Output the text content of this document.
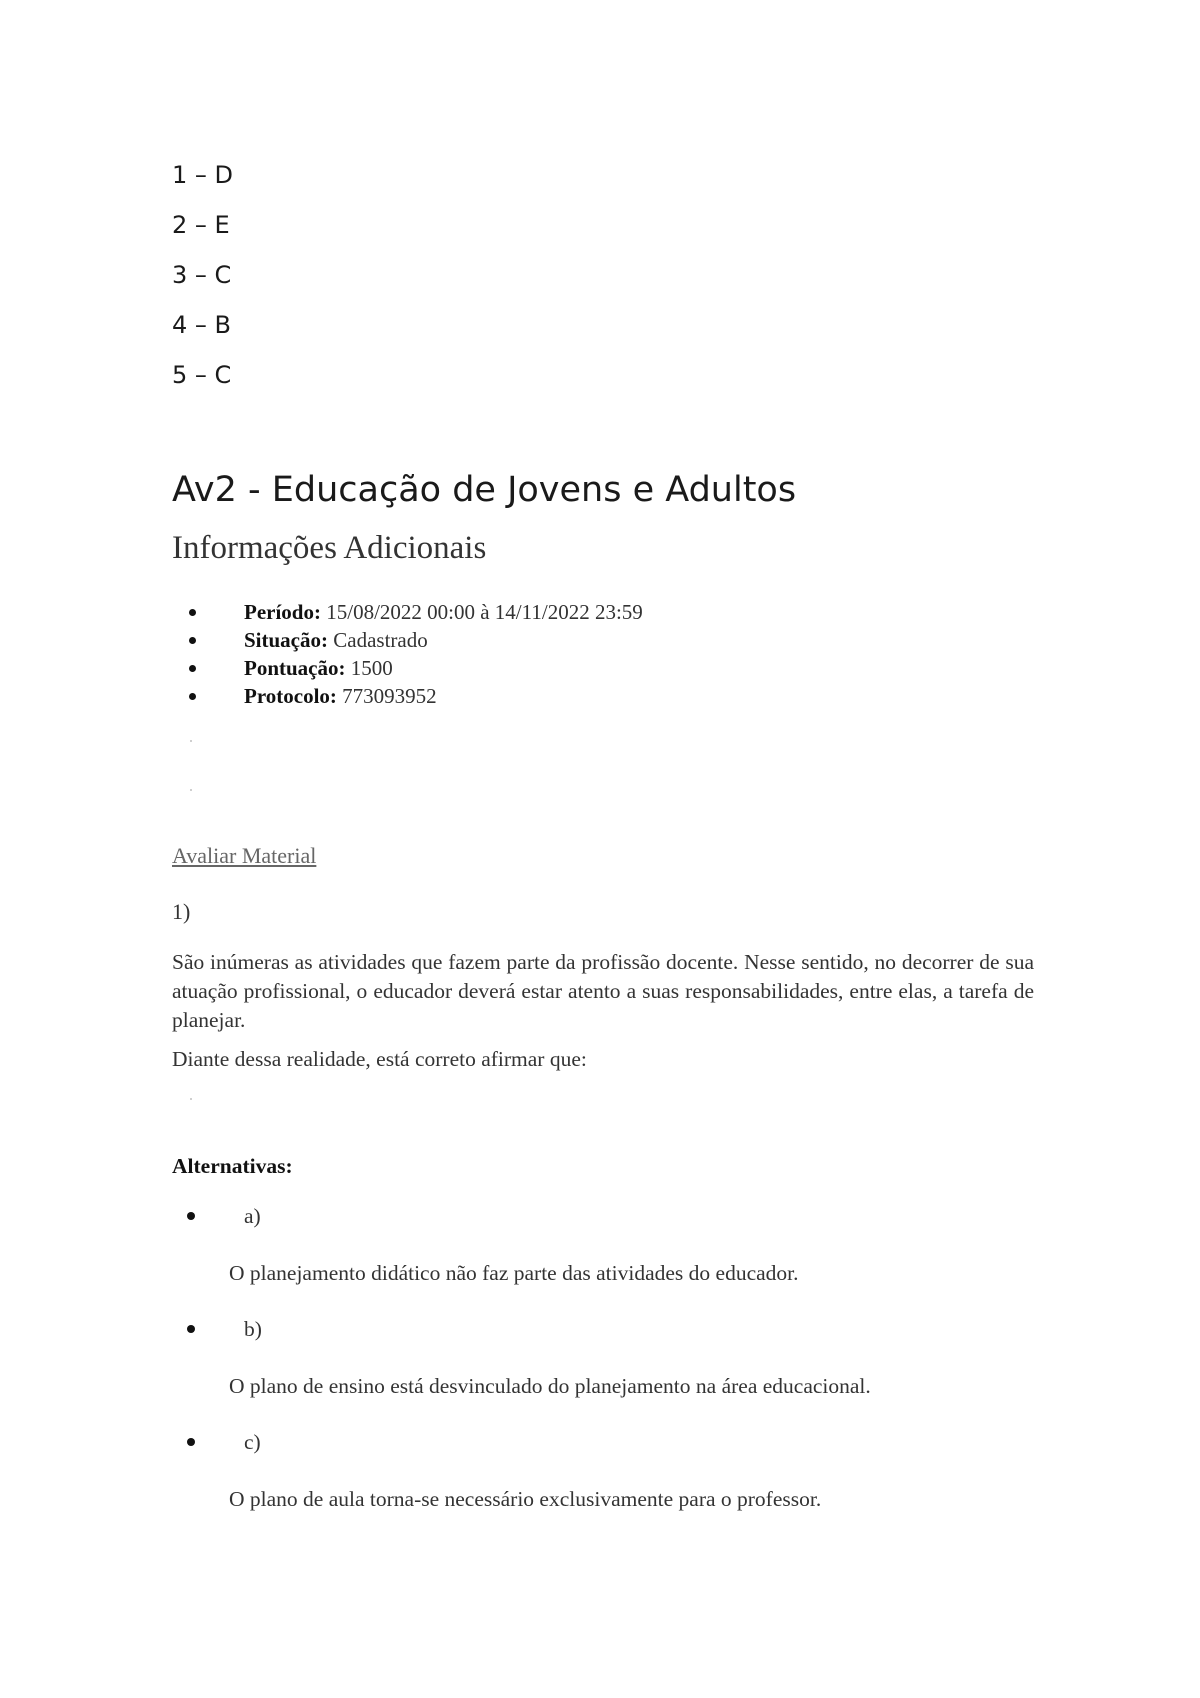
1 – D
2 – E
3 – C
4 – B
5 – C
Av2 - Educação de Jovens e Adultos
Informações Adicionais
Período: 15/08/2022 00:00 à 14/11/2022 23:59
Situação: Cadastrado
Pontuação: 1500
Protocolo: 773093952
Avaliar Material
1)

São inúmeras as atividades que fazem parte da profissão docente. Nesse sentido, no decorrer de sua atuação profissional, o educador deverá estar atento a suas responsabilidades, entre elas, a tarefa de planejar.

Diante dessa realidade, está correto afirmar que:

Alternativas:

a)
O planejamento didático não faz parte das atividades do educador.
b)
O plano de ensino está desvinculado do planejamento na área educacional.
c)
O plano de aula torna-se necessário exclusivamente para o professor.
